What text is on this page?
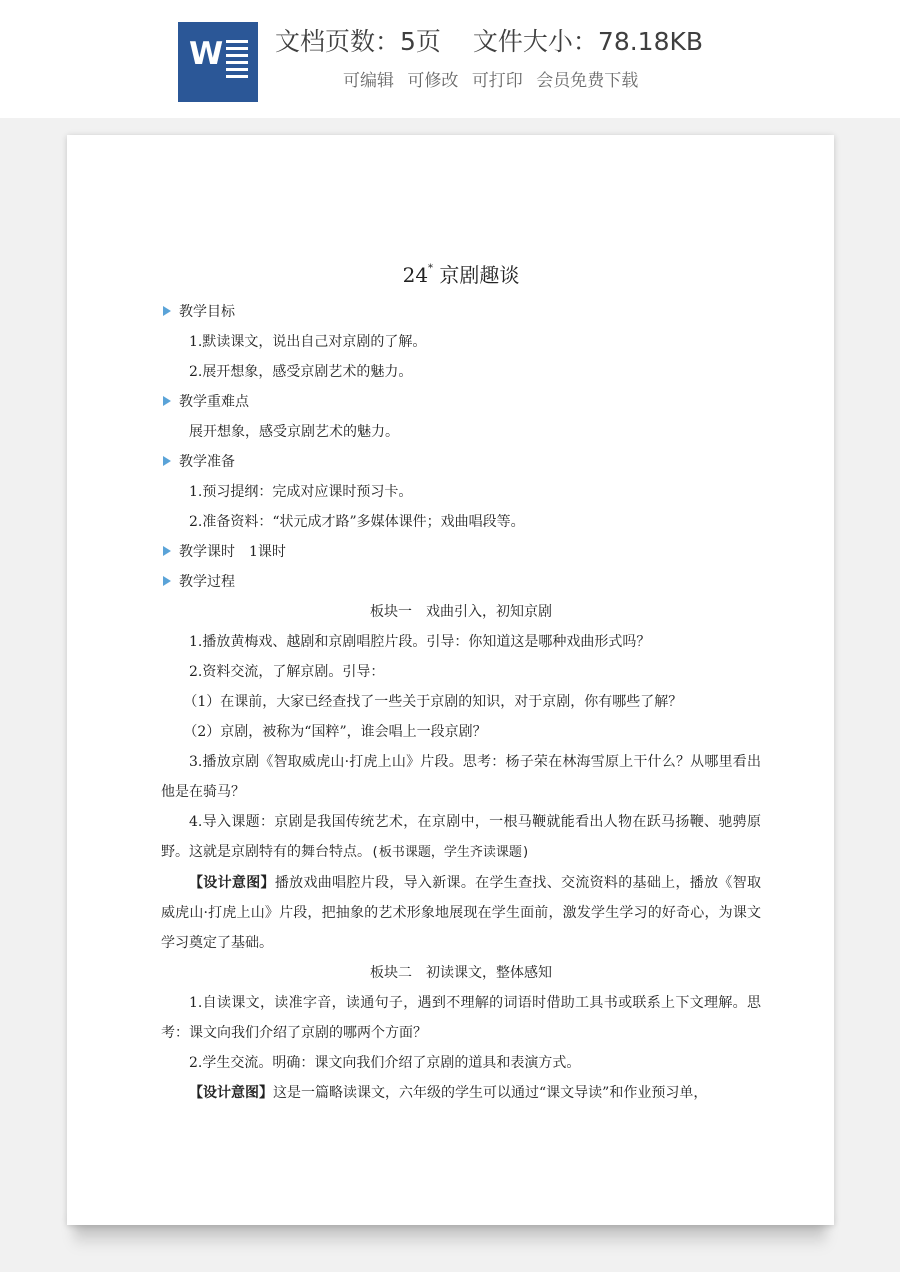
W 文档页数：5页 文件大小：78.18KB
可编辑 可修改 可打印 会员免费下载
24* 京剧趣谈
教学目标
1.默读课文，说出自己对京剧的了解。
2.展开想象，感受京剧艺术的魅力。
教学重难点
展开想象，感受京剧艺术的魅力。
教学准备
1.预习提纲：完成对应课时预习卡。
2.准备资料：“状元成才路”多媒体课件；戏曲唱段等。
教学课时　1课时
教学过程
板块一　戏曲引入，初知京剧
1.播放黄梅戏、越剧和京剧唱腔片段。引导：你知道这是哪种戏曲形式吗？
2.资料交流，了解京剧。引导：
（1）在课前，大家已经查找了一些关于京剧的知识，对于京剧，你有哪些了解？
（2）京剧，被称为“国粹”，谁会唱上一段京剧？
3.播放京剧《智取威虎山·打虎上山》片段。思考：杨子荣在林海雪原上干什么？从哪里看出他是在骑马？
4.导入课题：京剧是我国传统艺术，在京剧中，一根马鞭就能看出人物在跃马扬鞭、驰骋原野。这就是京剧特有的舞台特点。(板书课题，学生齐读课题)
【设计意图】播放戏曲唱腔片段，导入新课。在学生查找、交流资料的基础上，播放《智取威虎山·打虎上山》片段，把抽象的艺术形象地展现在学生面前，激发学生学习的好奇心，为课文学习奠定了基础。
板块二　初读课文，整体感知
1.自读课文，读准字音，读通句子，遇到不理解的词语时借助工具书或联系上下文理解。思考：课文向我们介绍了京剧的哪两个方面？
2.学生交流。明确：课文向我们介绍了京剧的道具和表演方式。
【设计意图】这是一篇略读课文，六年级的学生可以通过“课文导读”和作业预习单，
